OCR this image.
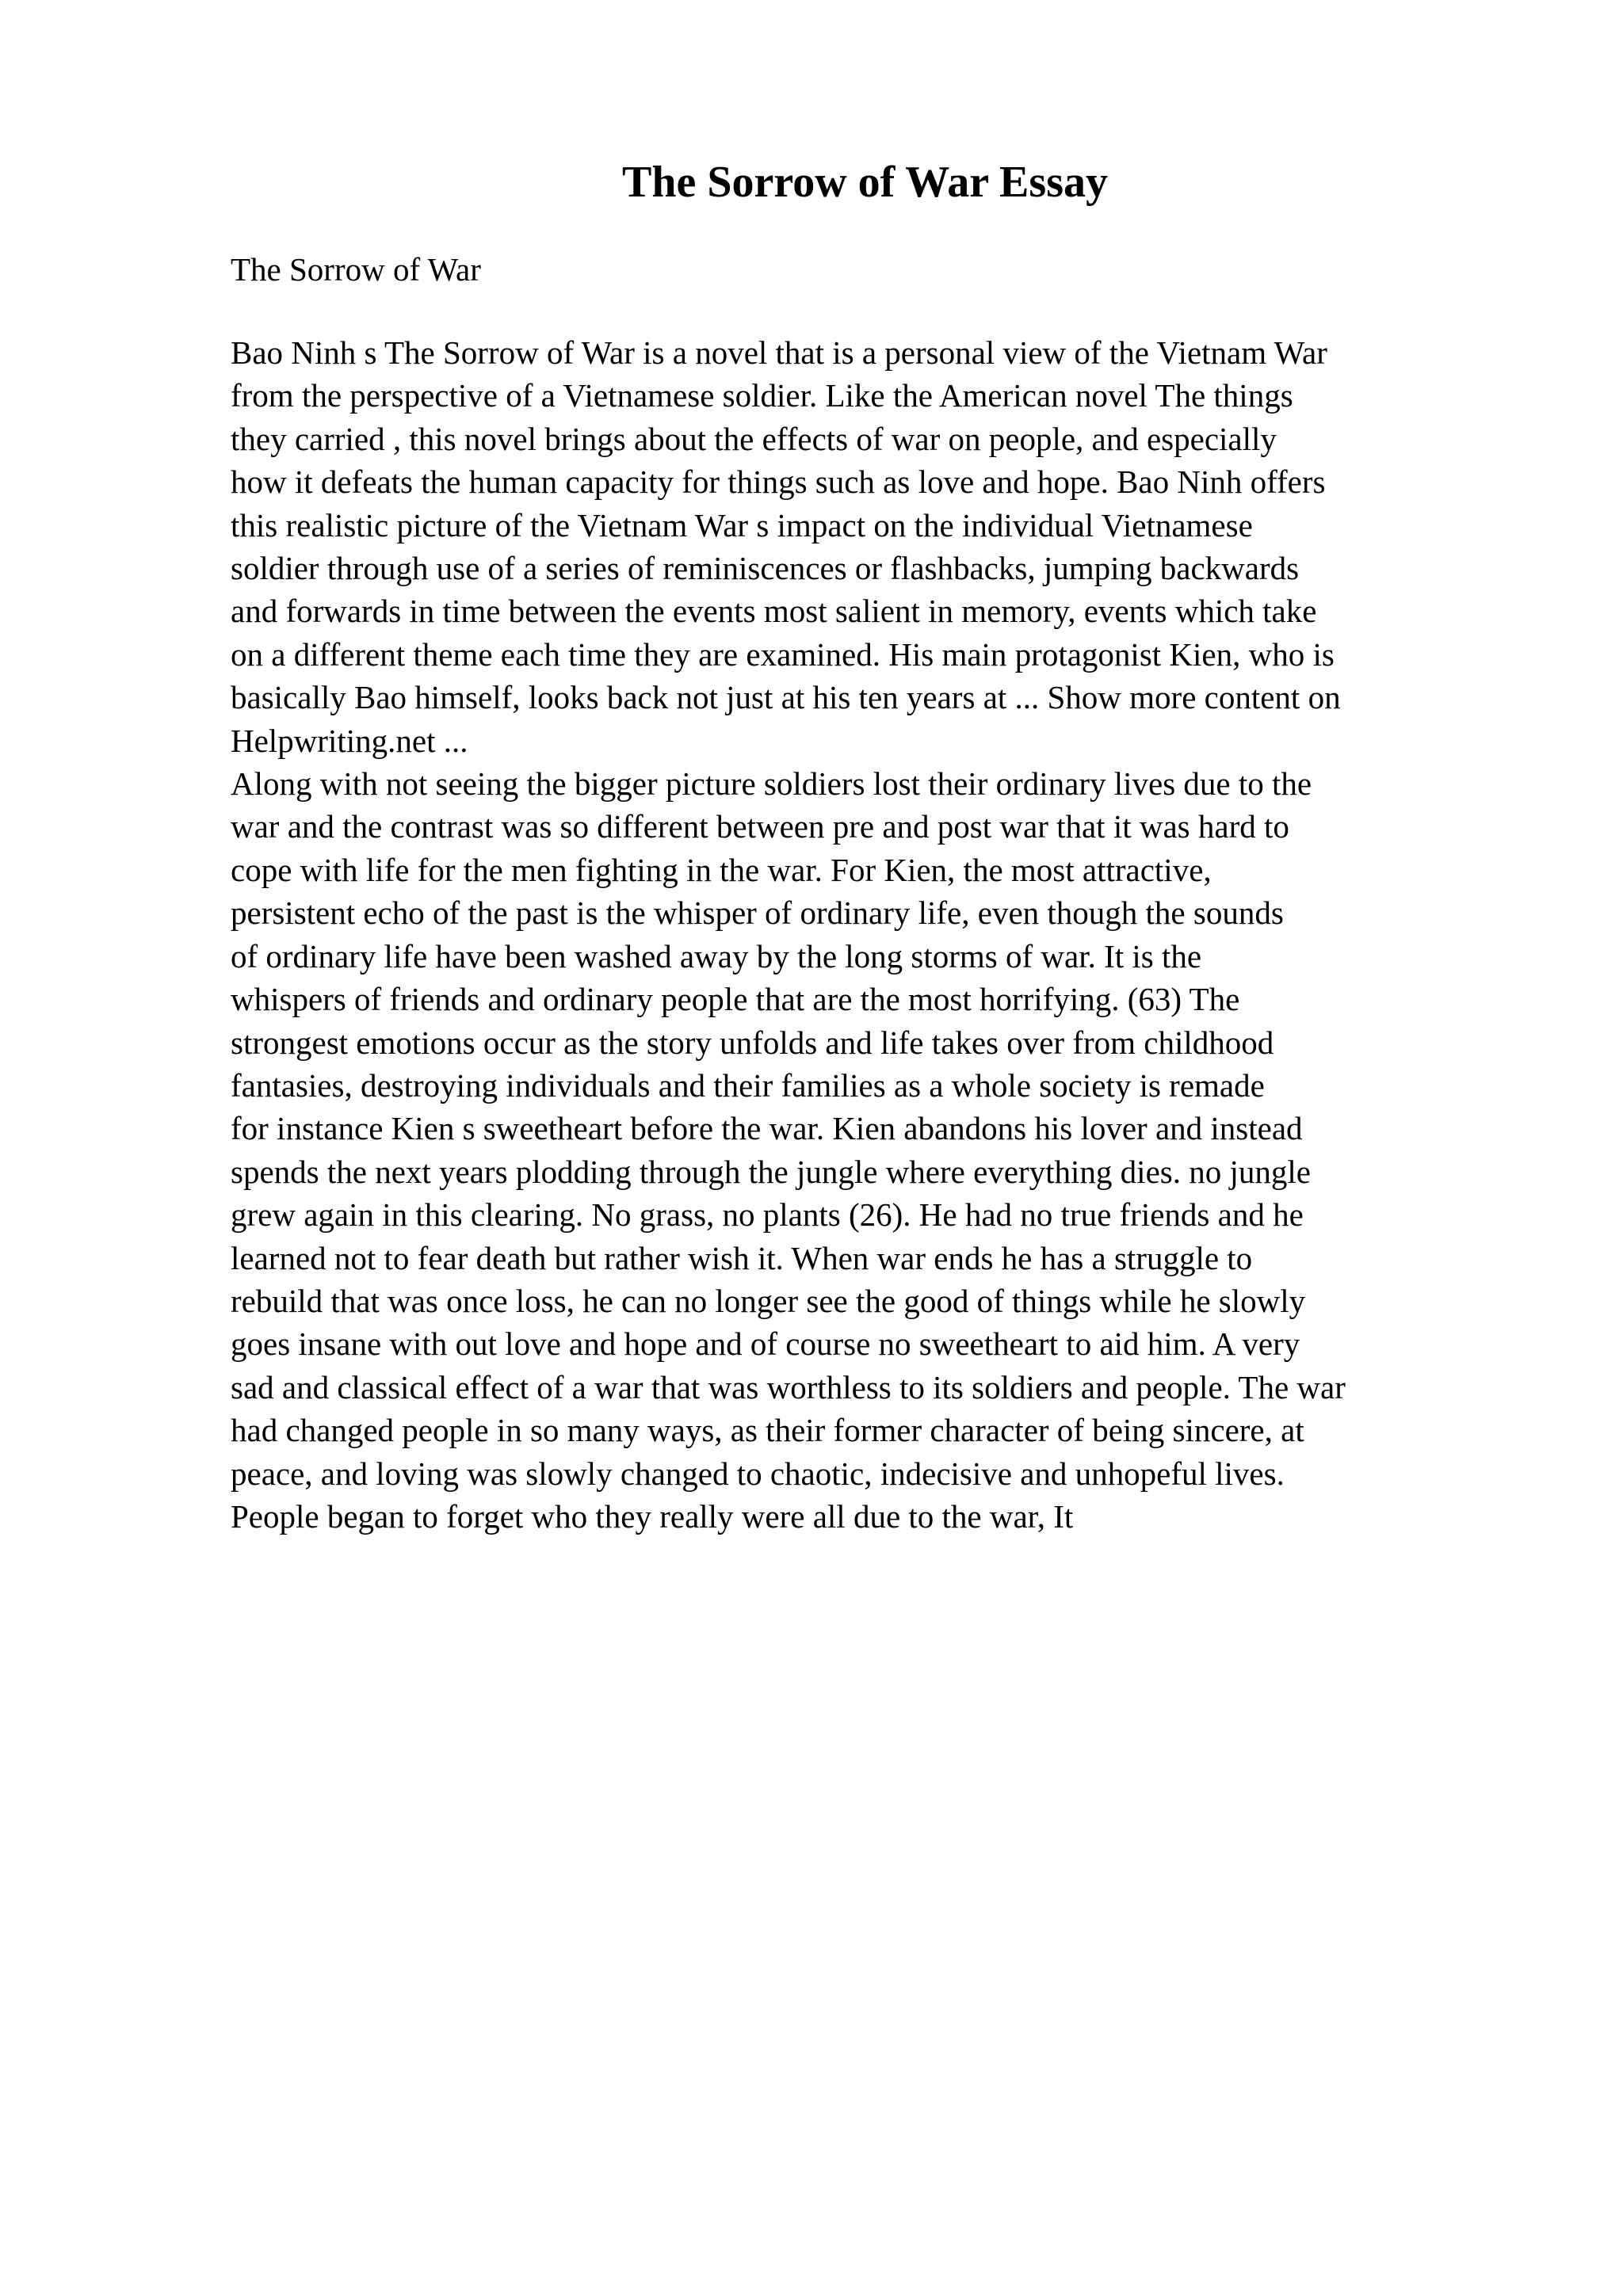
The Sorrow of War Essay

The Sorrow of War

Bao Ninh s The Sorrow of War is a novel that is a personal view of the Vietnam War
from the perspective of a Vietnamese soldier. Like the American novel The things
they carried , this novel brings about the effects of war on people, and especially
how it defeats the human capacity for things such as love and hope. Bao Ninh offers
this realistic picture of the Vietnam War s impact on the individual Vietnamese
soldier through use of a series of reminiscences or flashbacks, jumping backwards
and forwards in time between the events most salient in memory, events which take
on a different theme each time they are examined. His main protagonist Kien, who is
basically Bao himself, looks back not just at his ten years at ... Show more content on
Helpwriting.net ...
Along with not seeing the bigger picture soldiers lost their ordinary lives due to the
war and the contrast was so different between pre and post war that it was hard to
cope with life for the men fighting in the war. For Kien, the most attractive,
persistent echo of the past is the whisper of ordinary life, even though the sounds
of ordinary life have been washed away by the long storms of war. It is the
whispers of friends and ordinary people that are the most horrifying. (63) The
strongest emotions occur as the story unfolds and life takes over from childhood
fantasies, destroying individuals and their families as a whole society is remade
for instance Kien s sweetheart before the war. Kien abandons his lover and instead
spends the next years plodding through the jungle where everything dies. no jungle
grew again in this clearing. No grass, no plants (26). He had no true friends and he
learned not to fear death but rather wish it. When war ends he has a struggle to
rebuild that was once loss, he can no longer see the good of things while he slowly
goes insane with out love and hope and of course no sweetheart to aid him. A very
sad and classical effect of a war that was worthless to its soldiers and people. The war
had changed people in so many ways, as their former character of being sincere, at
peace, and loving was slowly changed to chaotic, indecisive and unhopeful lives.
People began to forget who they really were all due to the war, It
